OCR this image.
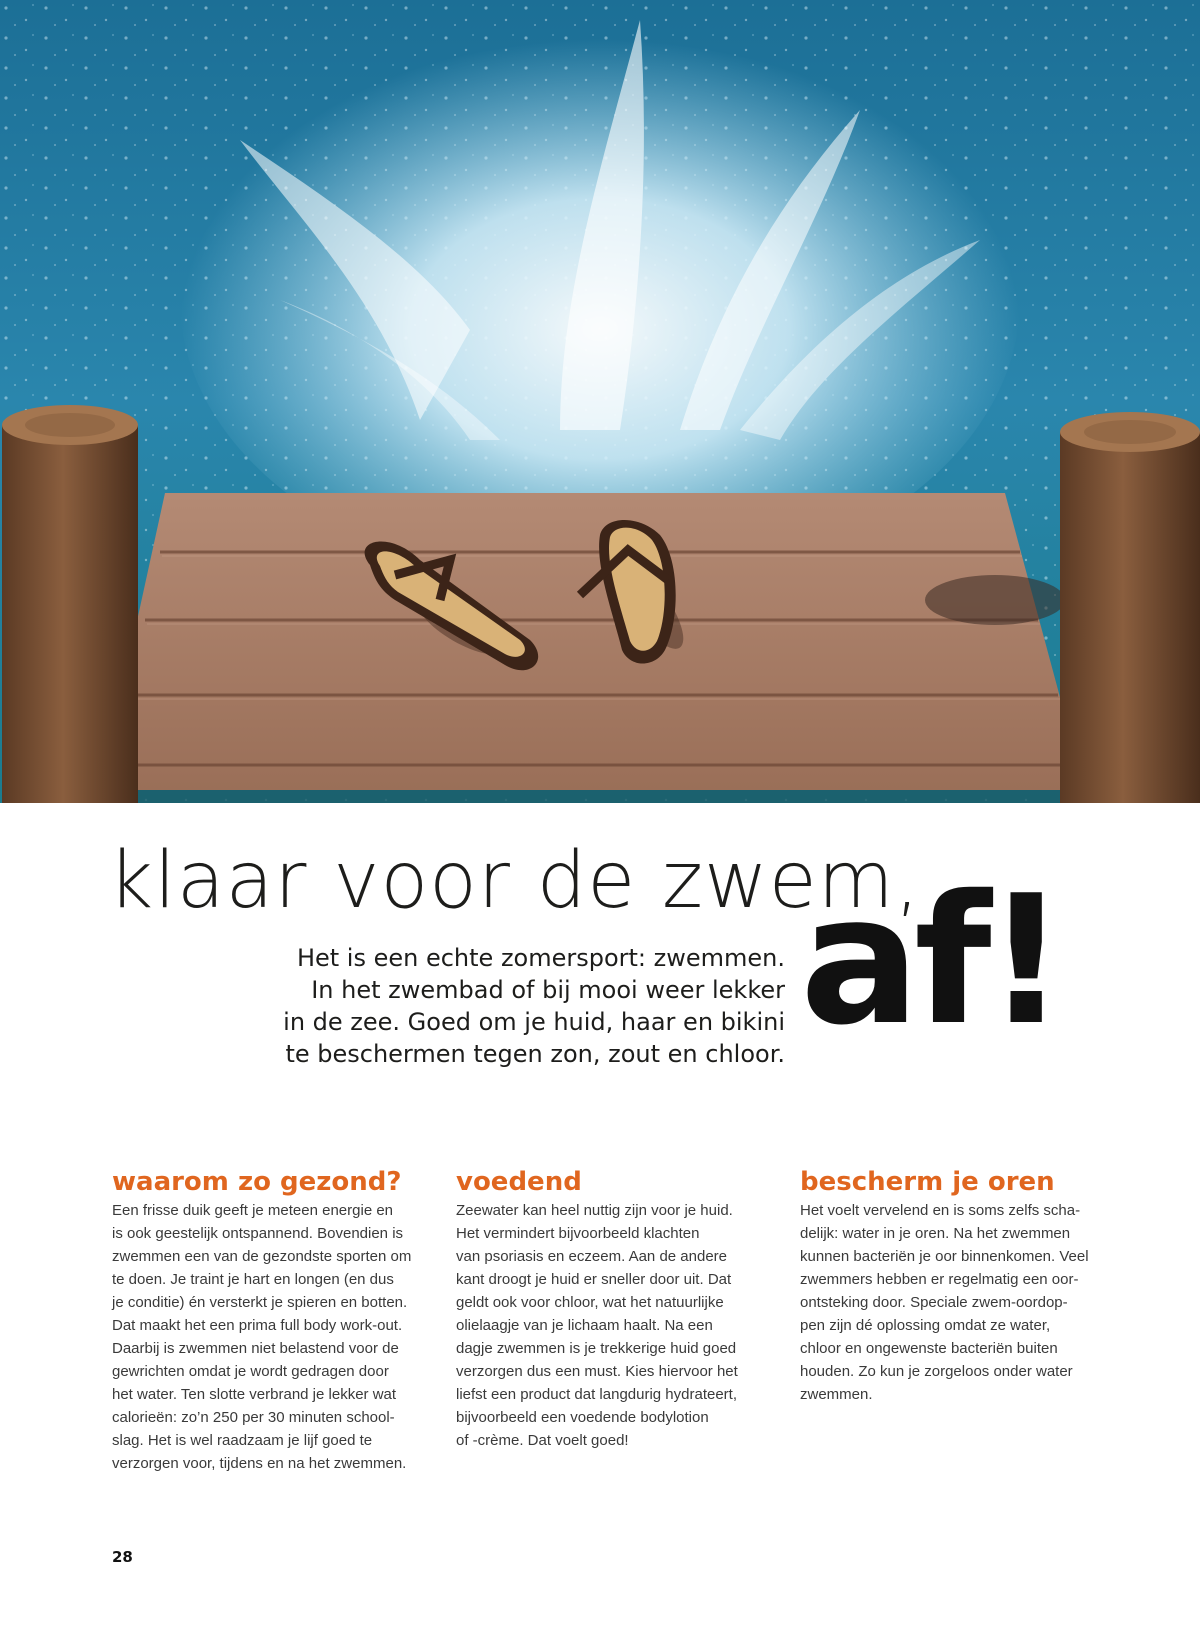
klaar voor de zwem,
af!
Het is een echte zomersport: zwemmen.
In het zwembad of bij mooi weer lekker
in de zee. Goed om je huid, haar en bikini
te beschermen tegen zon, zout en chloor.
waarom zo gezond?

Een frisse duik geeft je meteen energie en
is ook geestelijk ontspannend. Bovendien is
zwemmen een van de gezondste sporten om
te doen. Je traint je hart en longen (en dus
je conditie) én versterkt je spieren en botten.
Dat maakt het een prima full body work-out.
Daarbij is zwemmen niet belastend voor de
gewrichten omdat je wordt gedragen door
het water. Ten slotte verbrand je lekker wat
calorieën: zo’n 250 per 30 minuten school-
slag. Het is wel raadzaam je lijf goed te
verzorgen voor, tijdens en na het zwemmen.

voedend

Zeewater kan heel nuttig zijn voor je huid.
Het vermindert bijvoorbeeld klachten
van psoriasis en eczeem. Aan de andere
kant droogt je huid er sneller door uit. Dat
geldt ook voor chloor, wat het natuurlijke
olielaagje van je lichaam haalt. Na een
dagje zwemmen is je trekkerige huid goed
verzorgen dus een must. Kies hiervoor het
liefst een product dat langdurig hydrateert,
bijvoorbeeld een voedende bodylotion
of -crème. Dat voelt goed!

bescherm je oren

Het voelt vervelend en is soms zelfs scha-
delijk: water in je oren. Na het zwemmen
kunnen bacteriën je oor binnenkomen. Veel
zwemmers hebben er regelmatig een oor-
ontsteking door. Speciale zwem-oordop-
pen zijn dé oplossing omdat ze water,
chloor en ongewenste bacteriën buiten
houden. Zo kun je zorgeloos onder water
zwemmen.

28
